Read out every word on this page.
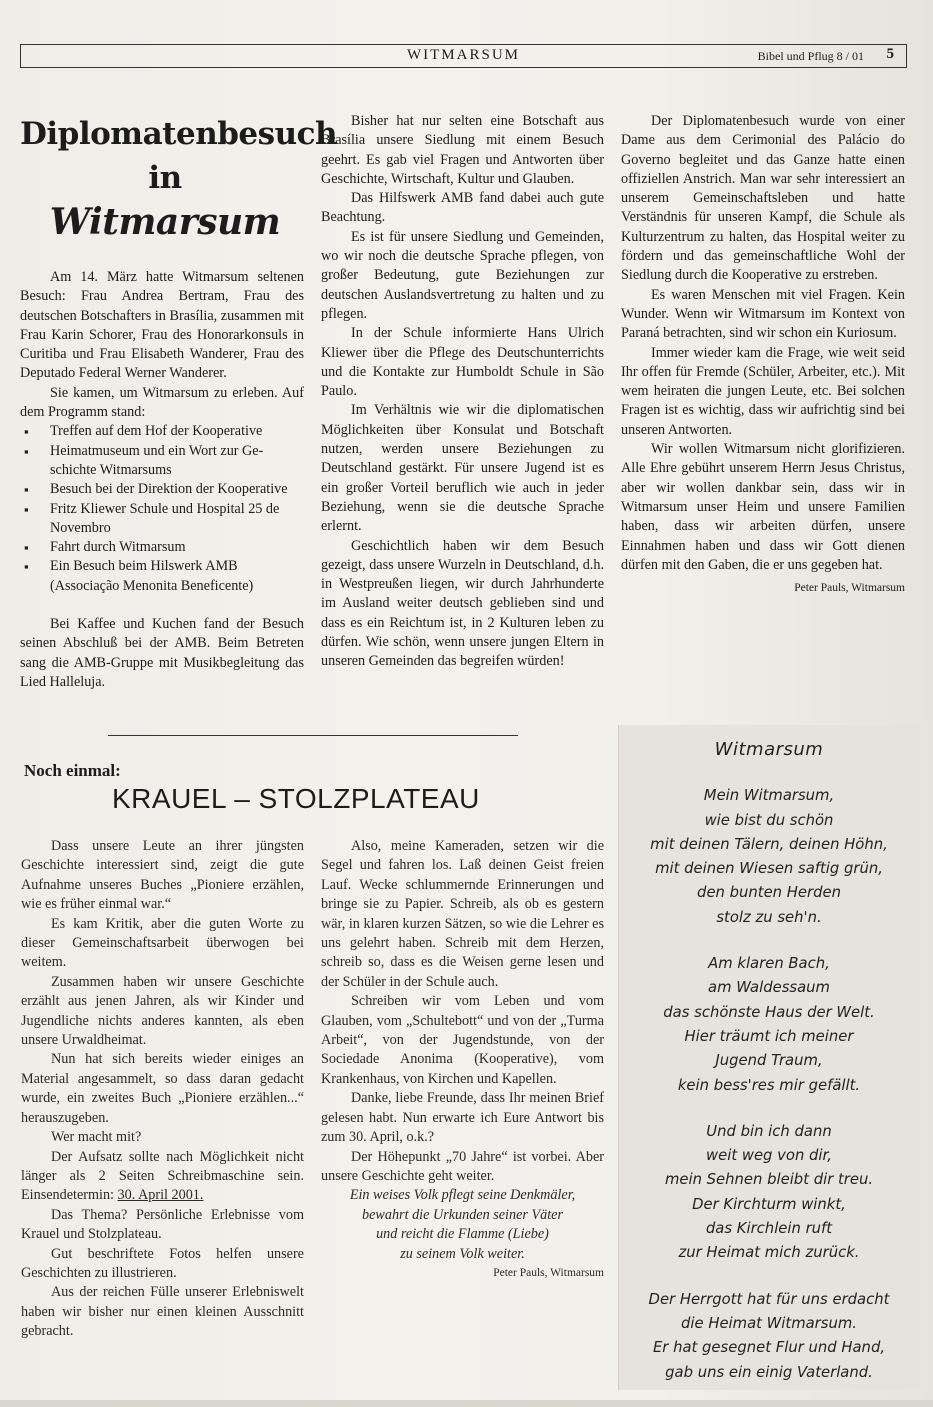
WITMARSUM	Bibel und Pflug 8 / 01 5
Diplomatenbesuch
in
Witmarsum

Am 14. März hatte Witmarsum seltenen Besuch: Frau Andrea Bertram, Frau des deutschen Botschafters in Brasília, zusammen mit Frau Karin Schorer, Frau des Honorarkonsuls in Curitiba und Frau Elisabeth Wanderer, Frau des Deputado Federal Werner Wanderer.

Sie kamen, um Witmarsum zu erleben. Auf dem Programm stand:

▪ Treffen auf dem Hof der Kooperative
▪ Heimatmuseum und ein Wort zur Geschichte Witmarsums
▪ Besuch bei der Direktion der Kooperative
▪ Fritz Kliewer Schule und Hospital 25 de Novembro
▪ Fahrt durch Witmarsum
▪ Ein Besuch beim Hilswerk AMB (Associação Menonita Beneficente)

Bei Kaffee und Kuchen fand der Besuch seinen Abschluß bei der AMB. Beim Betreten sang die AMB-Gruppe mit Musikbegleitung das Lied Halleluja.

Bisher hat nur selten eine Botschaft aus Brasília unsere Siedlung mit einem Besuch geehrt. Es gab viel Fragen und Antworten über Geschichte, Wirtschaft, Kultur und Glauben.

Das Hilfswerk AMB fand dabei auch gute Beachtung.

Es ist für unsere Siedlung und Gemeinden, wo wir noch die deutsche Sprache pflegen, von großer Bedeutung, gute Beziehungen zur deutschen Auslandsvertretung zu halten und zu pflegen.

In der Schule informierte Hans Ulrich Kliewer über die Pflege des Deutschunterrichts und die Kontakte zur Humboldt Schule in São Paulo.

Im Verhältnis wie wir die diplomatischen Möglichkeiten über Konsulat und Botschaft nutzen, werden unsere Beziehungen zu Deutschland gestärkt. Für unsere Jugend ist es ein großer Vorteil beruflich wie auch in jeder Beziehung, wenn sie die deutsche Sprache erlernt.

Geschichtlich haben wir dem Besuch gezeigt, dass unsere Wurzeln in Deutschland, d.h. in Westpreußen liegen, wir durch Jahrhunderte im Ausland weiter deutsch geblieben sind und dass es ein Reichtum ist, in 2 Kulturen leben zu dürfen. Wie schön, wenn unsere jungen Eltern in unseren Gemeinden das begreifen würden!

Der Diplomatenbesuch wurde von einer Dame aus dem Cerimonial des Palácio do Governo begleitet und das Ganze hatte einen offiziellen Anstrich. Man war sehr interessiert an unserem Gemeinschaftsleben und hatte Verständnis für unseren Kampf, die Schule als Kulturzentrum zu halten, das Hospital weiter zu fördern und das gemeinschaftliche Wohl der Siedlung durch die Kooperative zu erstreben.

Es waren Menschen mit viel Fragen. Kein Wunder. Wenn wir Witmarsum im Kontext von Paraná betrachten, sind wir schon ein Kuriosum.

Immer wieder kam die Frage, wie weit seid Ihr offen für Fremde (Schüler, Arbeiter, etc.). Mit wem heiraten die jungen Leute, etc. Bei solchen Fragen ist es wichtig, dass wir aufrichtig sind bei unseren Antworten.

Wir wollen Witmarsum nicht glorifizieren. Alle Ehre gebührt unserem Herrn Jesus Christus, aber wir wollen dankbar sein, dass wir in Witmarsum unser Heim und unsere Familien haben, dass wir arbeiten dürfen, unsere Einnahmen haben und dass wir Gott dienen dürfen mit den Gaben, die er uns gegeben hat.

Peter Pauls, Witmarsum
Noch einmal:
KRAUEL – STOLZPLATEAU

Dass unsere Leute an ihrer jüngsten Geschichte interessiert sind, zeigt die gute Aufnahme unseres Buches „Pioniere erzählen, wie es früher einmal war.“

Es kam Kritik, aber die guten Worte zu dieser Gemeinschaftsarbeit überwogen bei weitem.

Zusammen haben wir unsere Geschichte erzählt aus jenen Jahren, als wir Kinder und Jugendliche nichts anderes kannten, als eben unsere Urwaldheimat.

Nun hat sich bereits wieder einiges an Material angesammelt, so dass daran gedacht wurde, ein zweites Buch „Pioniere erzählen...“ herauszugeben.

Wer macht mit?

Der Aufsatz sollte nach Möglichkeit nicht länger als 2 Seiten Schreibmaschine sein. Einsendetermin: 30. April 2001.

Das Thema? Persönliche Erlebnisse vom Krauel und Stolzplateau.

Gut beschriftete Fotos helfen unsere Geschichten zu illustrieren.

Aus der reichen Fülle unserer Erlebniswelt haben wir bisher nur einen kleinen Ausschnitt gebracht.

Also, meine Kameraden, setzen wir die Segel und fahren los. Laß deinen Geist freien Lauf. Wecke schlummernde Erinnerungen und bringe sie zu Papier. Schreib, als ob es gestern wär, in klaren kurzen Sätzen, so wie die Lehrer es uns gelehrt haben. Schreib mit dem Herzen, schreib so, dass es die Weisen gerne lesen und der Schüler in der Schule auch.

Schreiben wir vom Leben und vom Glauben, vom „Schultebott“ und von der „Turma Arbeit“, von der Jugendstunde, von der Sociedade Anonima (Kooperative), vom Krankenhaus, von Kirchen und Kapellen.

Danke, liebe Freunde, dass Ihr meinen Brief gelesen habt. Nun erwarte ich Eure Antwort bis zum 30. April, o.k.?

Der Höhepunkt „70 Jahre“ ist vorbei. Aber unsere Geschichte geht weiter.

Ein weises Volk pflegt seine Denkmäler,
bewahrt die Urkunden seiner Väter
und reicht die Flamme (Liebe)
zu seinem Volk weiter.
Peter Pauls, Witmarsum
Witmarsum
Mein Witmarsum,
wie bist du schön
mit deinen Tälern, deinen Höhn,
mit deinen Wiesen saftig grün,
den bunten Herden
stolz zu seh'n.
Am klaren Bach,
am Waldessaum
das schönste Haus der Welt.
Hier träumt ich meiner
Jugend Traum,
kein bess'res mir gefällt.
Und bin ich dann
weit weg von dir,
mein Sehnen bleibt dir treu.
Der Kirchturm winkt,
das Kirchlein ruft
zur Heimat mich zurück.
Der Herrgott hat für uns erdacht
die Heimat Witmarsum.
Er hat gesegnet Flur und Hand,
gab uns ein einig Vaterland.
